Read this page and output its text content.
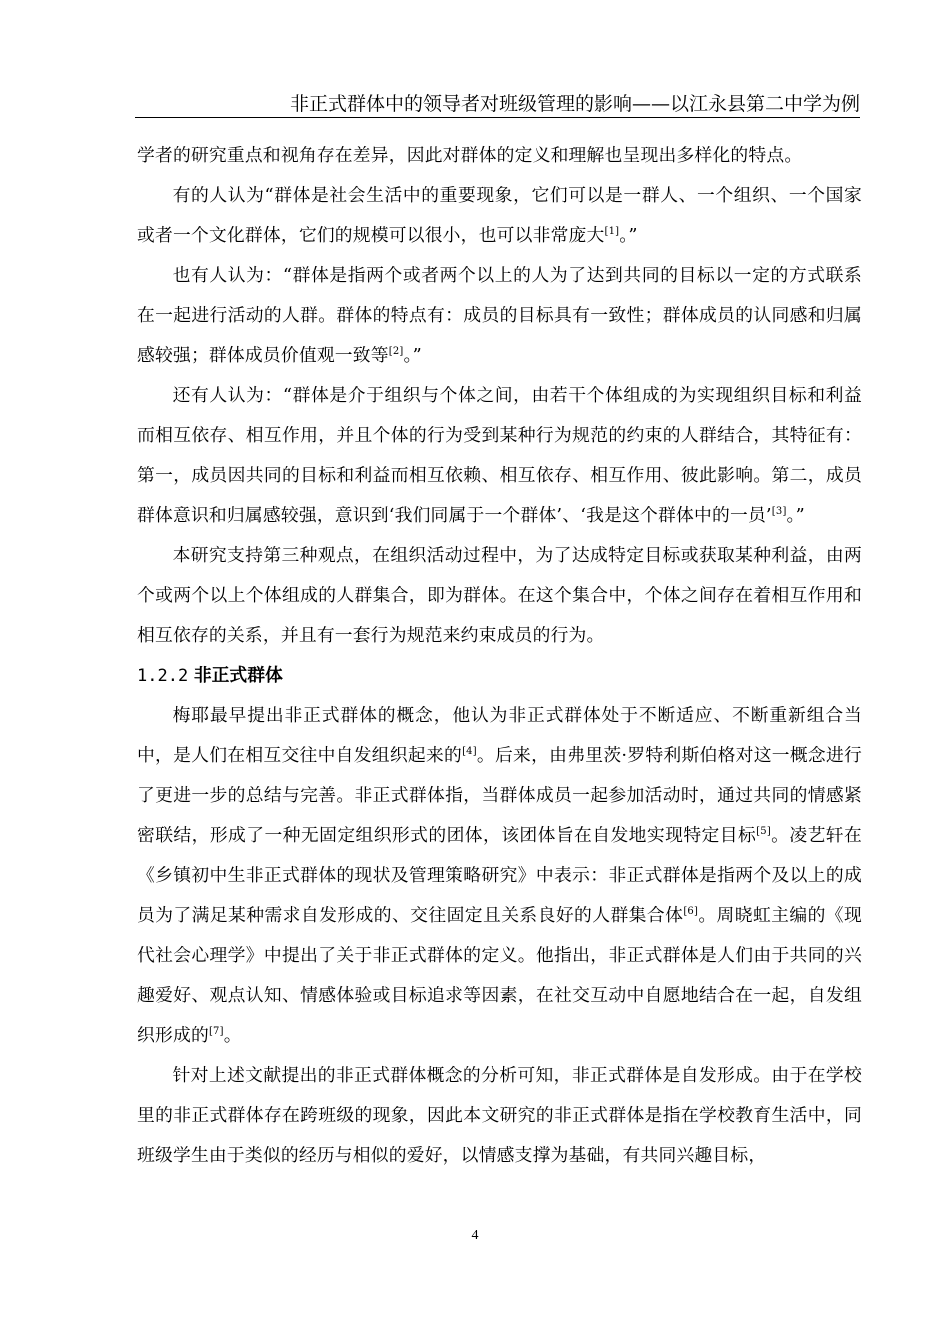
非正式群体中的领导者对班级管理的影响——以江永县第二中学为例

学者的研究重点和视角存在差异，因此对群体的定义和理解也呈现出多样化的特点。

有的人认为“群体是社会生活中的重要现象，它们可以是一群人、一个组织、一个国家或者一个文化群体，它们的规模可以很小，也可以非常庞大[1]。”

也有人认为：“群体是指两个或者两个以上的人为了达到共同的目标以一定的方式联系在一起进行活动的人群。群体的特点有：成员的目标具有一致性；群体成员的认同感和归属感较强；群体成员价值观一致等[2]。”

还有人认为：“群体是介于组织与个体之间，由若干个体组成的为实现组织目标和利益而相互依存、相互作用，并且个体的行为受到某种行为规范的约束的人群结合，其特征有：第一，成员因共同的目标和利益而相互依赖、相互依存、相互作用、彼此影响。第二，成员群体意识和归属感较强，意识到‘我们同属于一个群体’、‘我是这个群体中的一员’[3]。”

本研究支持第三种观点，在组织活动过程中，为了达成特定目标或获取某种利益，由两个或两个以上个体组成的人群集合，即为群体。在这个集合中，个体之间存在着相互作用和相互依存的关系，并且有一套行为规范来约束成员的行为。

1.2.2 非正式群体

梅耶最早提出非正式群体的概念，他认为非正式群体处于不断适应、不断重新组合当中，是人们在相互交往中自发组织起来的[4]。后来，由弗里茨·罗特利斯伯格对这一概念进行了更进一步的总结与完善。非正式群体指，当群体成员一起参加活动时，通过共同的情感紧密联结，形成了一种无固定组织形式的团体，该团体旨在自发地实现特定目标[5]。凌艺轩在《乡镇初中生非正式群体的现状及管理策略研究》中表示：非正式群体是指两个及以上的成员为了满足某种需求自发形成的、交往固定且关系良好的人群集合体[6]。周晓虹主编的《现代社会心理学》中提出了关于非正式群体的定义。他指出，非正式群体是人们由于共同的兴趣爱好、观点认知、情感体验或目标追求等因素，在社交互动中自愿地结合在一起，自发组织形成的[7]。

针对上述文献提出的非正式群体概念的分析可知，非正式群体是自发形成。由于在学校里的非正式群体存在跨班级的现象，因此本文研究的非正式群体是指在学校教育生活中，同班级学生由于类似的经历与相似的爱好，以情感支撑为基础，有共同兴趣目标，

4
